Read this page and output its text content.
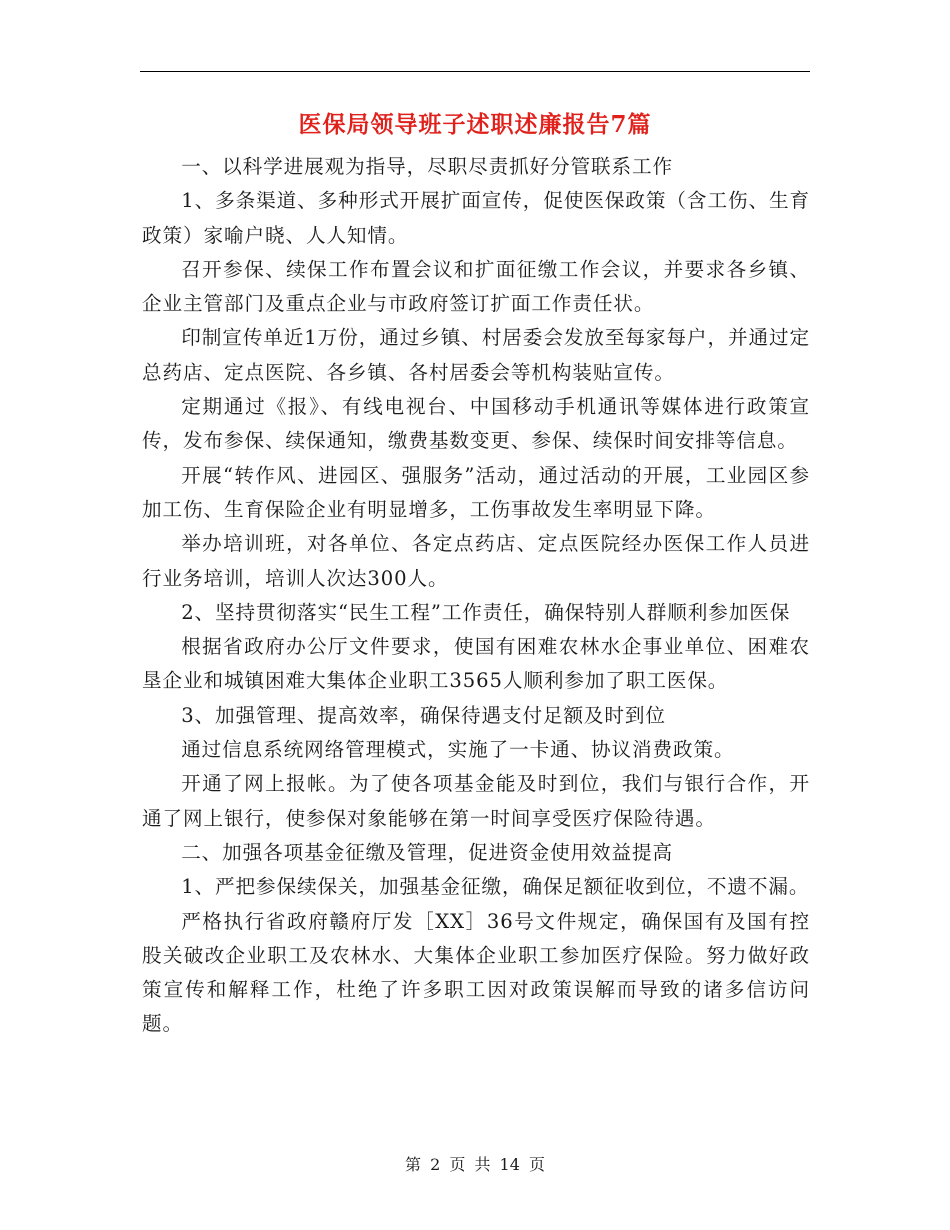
医保局领导班子述职述廉报告7篇

一、以科学进展观为指导，尽职尽责抓好分管联系工作

1、多条渠道、多种形式开展扩面宣传，促使医保政策（含工伤、生育政策）家喻户晓、人人知情。

召开参保、续保工作布置会议和扩面征缴工作会议，并要求各乡镇、企业主管部门及重点企业与市政府签订扩面工作责任状。

印制宣传单近1万份，通过乡镇、村居委会发放至每家每户，并通过定总药店、定点医院、各乡镇、各村居委会等机构装贴宣传。

定期通过《报》、有线电视台、中国移动手机通讯等媒体进行政策宣传，发布参保、续保通知，缴费基数变更、参保、续保时间安排等信息。

开展“转作风、进园区、强服务”活动，通过活动的开展，工业园区参加工伤、生育保险企业有明显增多，工伤事故发生率明显下降。

举办培训班，对各单位、各定点药店、定点医院经办医保工作人员进行业务培训，培训人次达300人。

2、坚持贯彻落实“民生工程”工作责任，确保特别人群顺利参加医保

根据省政府办公厅文件要求，使国有困难农林水企事业单位、困难农垦企业和城镇困难大集体企业职工3565人顺利参加了职工医保。

3、加强管理、提高效率，确保待遇支付足额及时到位

通过信息系统网络管理模式，实施了一卡通、协议消费政策。

开通了网上报帐。为了使各项基金能及时到位，我们与银行合作，开通了网上银行，使参保对象能够在第一时间享受医疗保险待遇。

二、加强各项基金征缴及管理，促进资金使用效益提高

1、严把参保续保关，加强基金征缴，确保足额征收到位，不遗不漏。

严格执行省政府赣府厅发［XX］36号文件规定，确保国有及国有控股关破改企业职工及农林水、大集体企业职工参加医疗保险。努力做好政策宣传和解释工作，杜绝了许多职工因对政策误解而导致的诸多信访问题。

第 2 页 共 14 页
